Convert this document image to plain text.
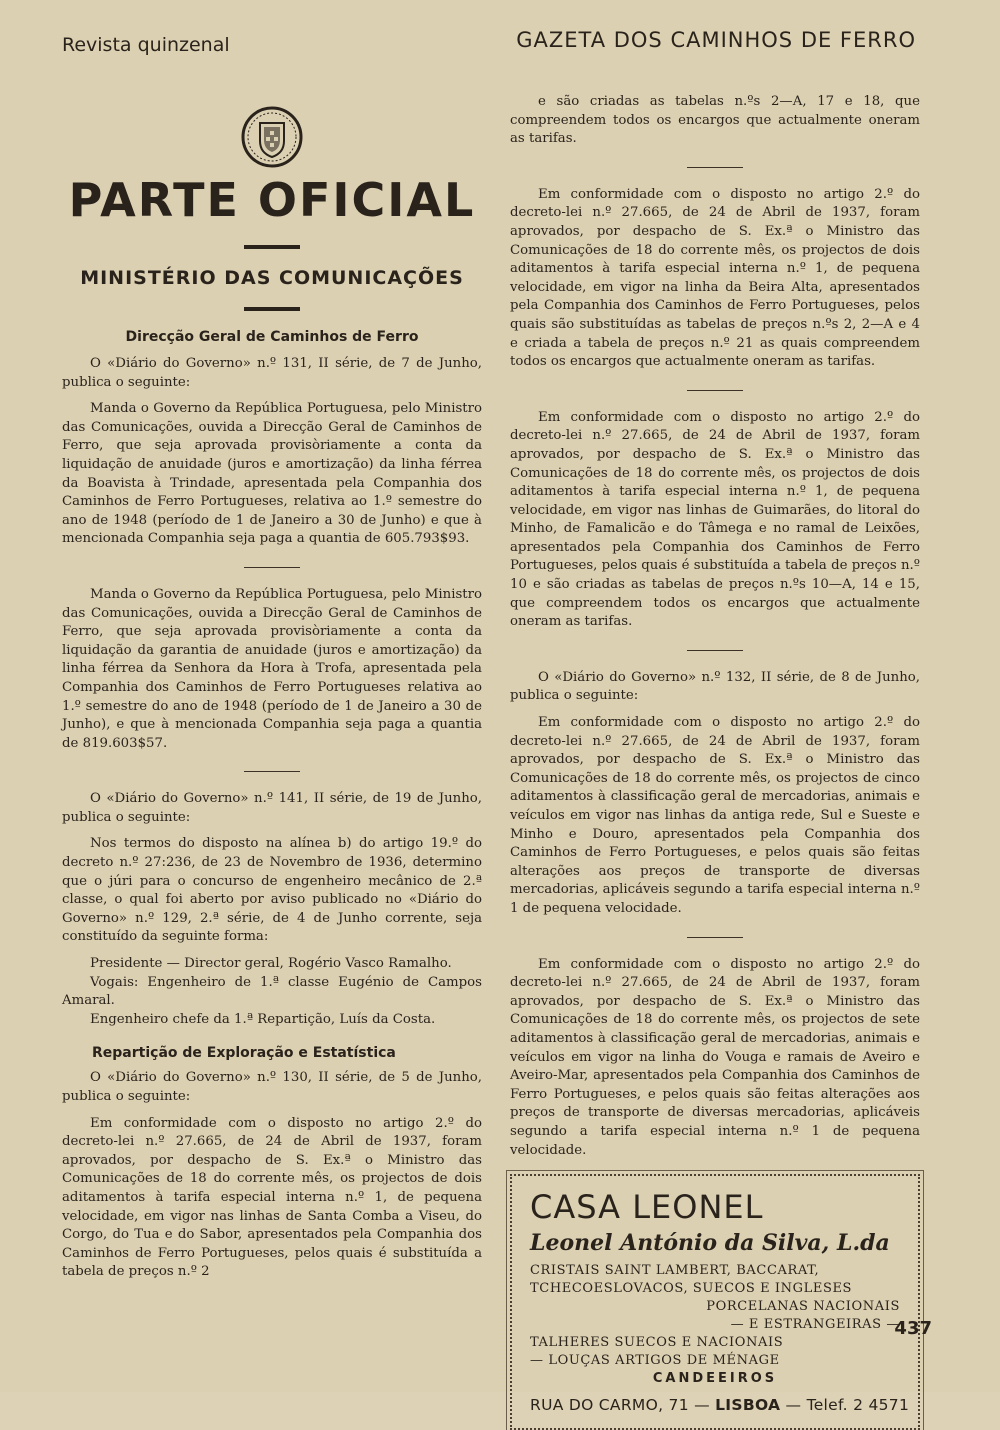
Revista quinzenal	GAZETA DOS CAMINHOS DE FERRO
PARTE OFICIAL
MINISTÉRIO DAS COMUNICAÇÕES
Direcção Geral de Caminhos de Ferro

O «Diário do Governo» n.º 131, II série, de 7 de Junho, publica o seguinte:

Manda o Governo da República Portuguesa, pelo Ministro das Comunicações, ouvida a Direcção Geral de Caminhos de Ferro, que seja aprovada provisòriamente a conta da liquidação de anuidade (juros e amortização) da linha férrea da Boavista à Trindade, apresentada pela Companhia dos Caminhos de Ferro Portugueses, relativa ao 1.º semestre do ano de 1948 (período de 1 de Janeiro a 30 de Junho) e que à mencionada Companhia seja paga a quantia de 605.793$93.

Manda o Governo da República Portuguesa, pelo Ministro das Comunicações, ouvida a Direcção Geral de Caminhos de Ferro, que seja aprovada provisòriamente a conta da liquidação da garantia de anuidade (juros e amortização) da linha férrea da Senhora da Hora à Trofa, apresentada pela Companhia dos Caminhos de Ferro Portugueses relativa ao 1.º semestre do ano de 1948 (período de 1 de Janeiro a 30 de Junho), e que à mencionada Companhia seja paga a quantia de 819.603$57.

O «Diário do Governo» n.º 141, II série, de 19 de Junho, publica o seguinte:

Nos termos do disposto na alínea b) do artigo 19.º do decreto n.º 27:236, de 23 de Novembro de 1936, determino que o júri para o concurso de engenheiro mecânico de 2.ª classe, o qual foi aberto por aviso publicado no «Diário do Governo» n.º 129, 2.ª série, de 4 de Junho corrente, seja constituído da seguinte forma:

Presidente — Director geral, Rogério Vasco Ramalho.

Vogais: Engenheiro de 1.ª classe Eugénio de Campos Amaral.

Engenheiro chefe da 1.ª Repartição, Luís da Costa.

Repartição de Exploração e Estatística

O «Diário do Governo» n.º 130, II série, de 5 de Junho, publica o seguinte:

Em conformidade com o disposto no artigo 2.º do decreto-lei n.º 27.665, de 24 de Abril de 1937, foram aprovados, por despacho de S. Ex.ª o Ministro das Comunicações de 18 do corrente mês, os projectos de dois aditamentos à tarifa especial interna n.º 1, de pequena velocidade, em vigor nas linhas de Santa Comba a Viseu, do Corgo, do Tua e do Sabor, apresentados pela Companhia dos Caminhos de Ferro Portugueses, pelos quais é substituída a tabela de preços n.º 2

e são criadas as tabelas n.ºs 2—A, 17 e 18, que compreendem todos os encargos que actualmente oneram as tarifas.

Em conformidade com o disposto no artigo 2.º do decreto-lei n.º 27.665, de 24 de Abril de 1937, foram aprovados, por despacho de S. Ex.ª o Ministro das Comunicações de 18 do corrente mês, os projectos de dois aditamentos à tarifa especial interna n.º 1, de pequena velocidade, em vigor na linha da Beira Alta, apresentados pela Companhia dos Caminhos de Ferro Portugueses, pelos quais são substituídas as tabelas de preços n.ºs 2, 2—A e 4 e criada a tabela de preços n.º 21 as quais compreendem todos os encargos que actualmente oneram as tarifas.

Em conformidade com o disposto no artigo 2.º do decreto-lei n.º 27.665, de 24 de Abril de 1937, foram aprovados, por despacho de S. Ex.ª o Ministro das Comunicações de 18 do corrente mês, os projectos de dois aditamentos à tarifa especial interna n.º 1, de pequena velocidade, em vigor nas linhas de Guimarães, do litoral do Minho, de Famalicão e do Tâmega e no ramal de Leixões, apresentados pela Companhia dos Caminhos de Ferro Portugueses, pelos quais é substituída a tabela de preços n.º 10 e são criadas as tabelas de preços n.ºs 10—A, 14 e 15, que compreendem todos os encargos que actualmente oneram as tarifas.

O «Diário do Governo» n.º 132, II série, de 8 de Junho, publica o seguinte:

Em conformidade com o disposto no artigo 2.º do decreto-lei n.º 27.665, de 24 de Abril de 1937, foram aprovados, por despacho de S. Ex.ª o Ministro das Comunicações de 18 do corrente mês, os projectos de cinco aditamentos à classificação geral de mercadorias, animais e veículos em vigor nas linhas da antiga rede, Sul e Sueste e Minho e Douro, apresentados pela Companhia dos Caminhos de Ferro Portugueses, e pelos quais são feitas alterações aos preços de transporte de diversas mercadorias, aplicáveis segundo a tarifa especial interna n.º 1 de pequena velocidade.

Em conformidade com o disposto no artigo 2.º do decreto-lei n.º 27.665, de 24 de Abril de 1937, foram aprovados, por despacho de S. Ex.ª o Ministro das Comunicações de 18 do corrente mês, os projectos de sete aditamentos à classificação geral de mercadorias, animais e veículos em vigor na linha do Vouga e ramais de Aveiro e Aveiro-Mar, apresentados pela Companhia dos Caminhos de Ferro Portugueses, e pelos quais são feitas alterações aos preços de transporte de diversas mercadorias, aplicáveis segundo a tarifa especial interna n.º 1 de pequena velocidade.

CASA LEONEL
Leonel António da Silva, L.da
CRISTAIS SAINT LAMBERT, BACCARAT,
TCHECOESLOVACOS, SUECOS E INGLESES
PORCELANAS NACIONAIS
— E ESTRANGEIRAS —
TALHERES SUECOS E NACIONAIS
— LOUÇAS ARTIGOS DE MÉNAGE
CANDEEIROS
RUA DO CARMO, 71 — LISBOA — Telef. 2 4571
437
